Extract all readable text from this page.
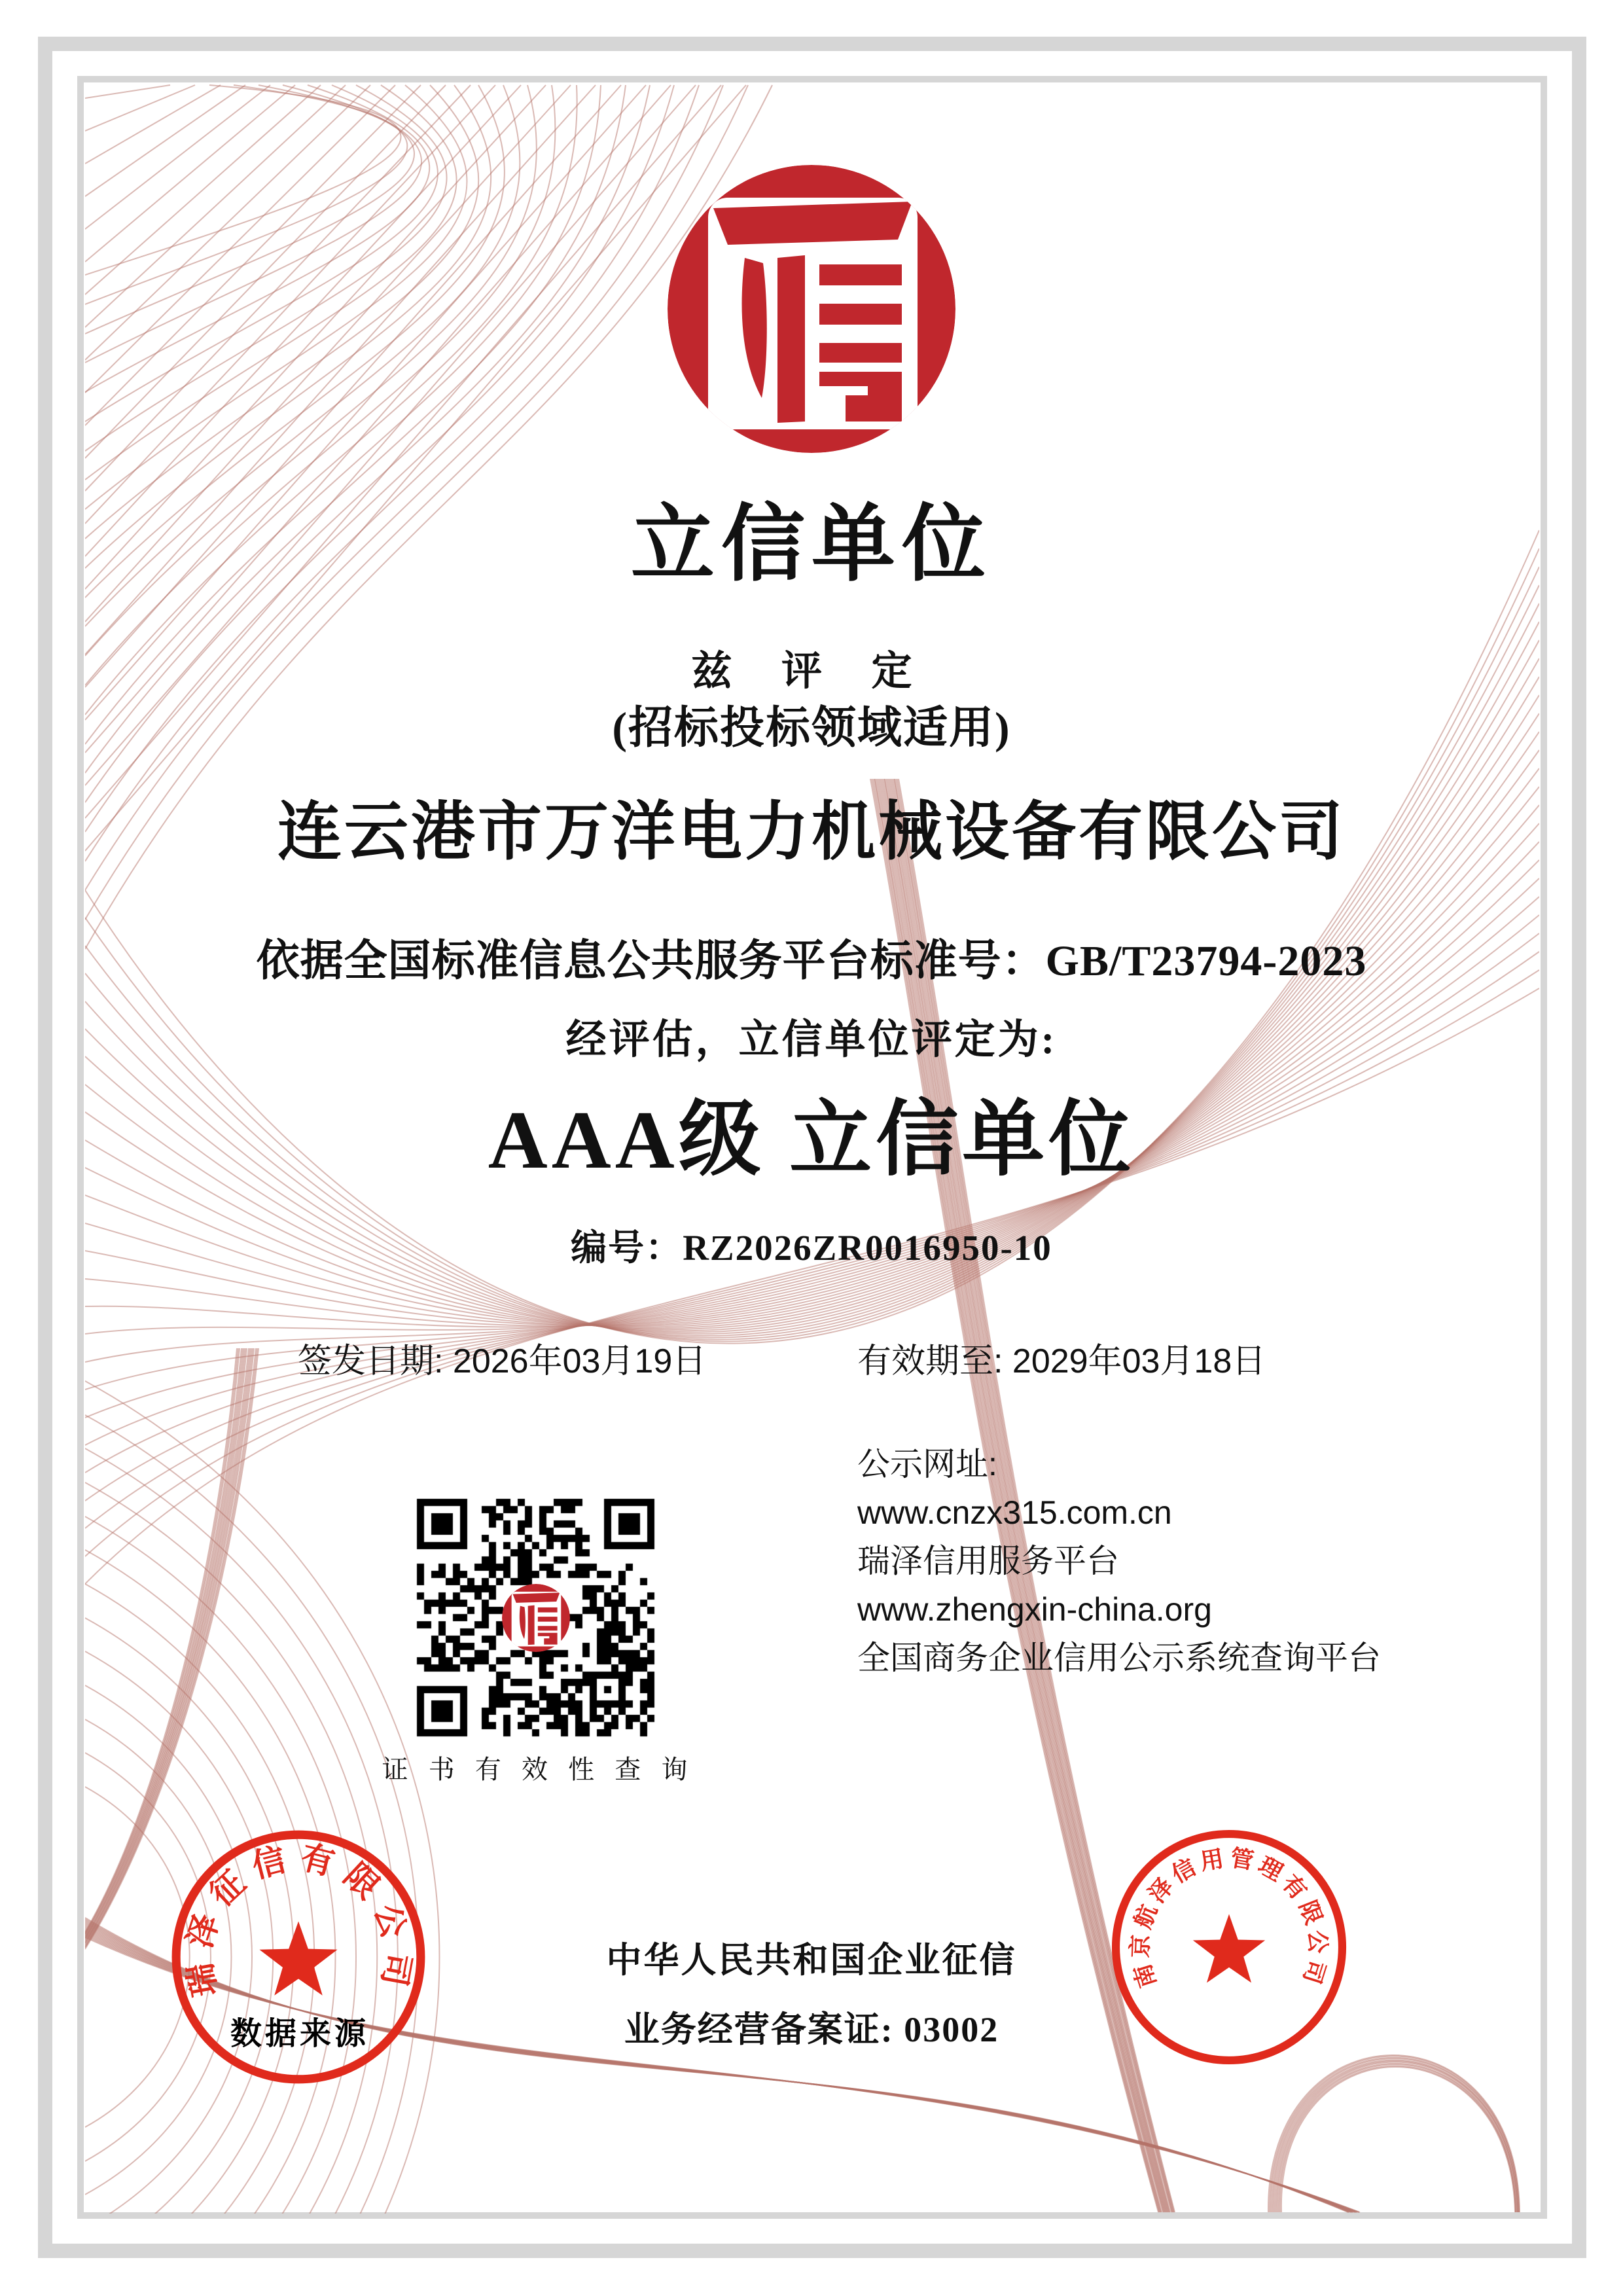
立信单位
兹 评 定
(招标投标领域适用)
连云港市万洋电力机械设备有限公司
依据全国标准信息公共服务平台标准号：GB/T23794-2023
经评估，立信单位评定为:
AAA级 立信单位
编号：RZ2026ZR0016950-10
签发日期: 2026年03月19日	有效期至: 2029年03月18日
公示网址:
www.cnzx315.com.cn
瑞泽信用服务平台
www.zhengxin-china.org
全国商务企业信用公示系统查询平台
证 书 有 效 性 查 询
中华人民共和国企业征信
业务经营备案证: 03002
瑞泽征信有限公司	南京航泽信用管理有限公司
数据来源
